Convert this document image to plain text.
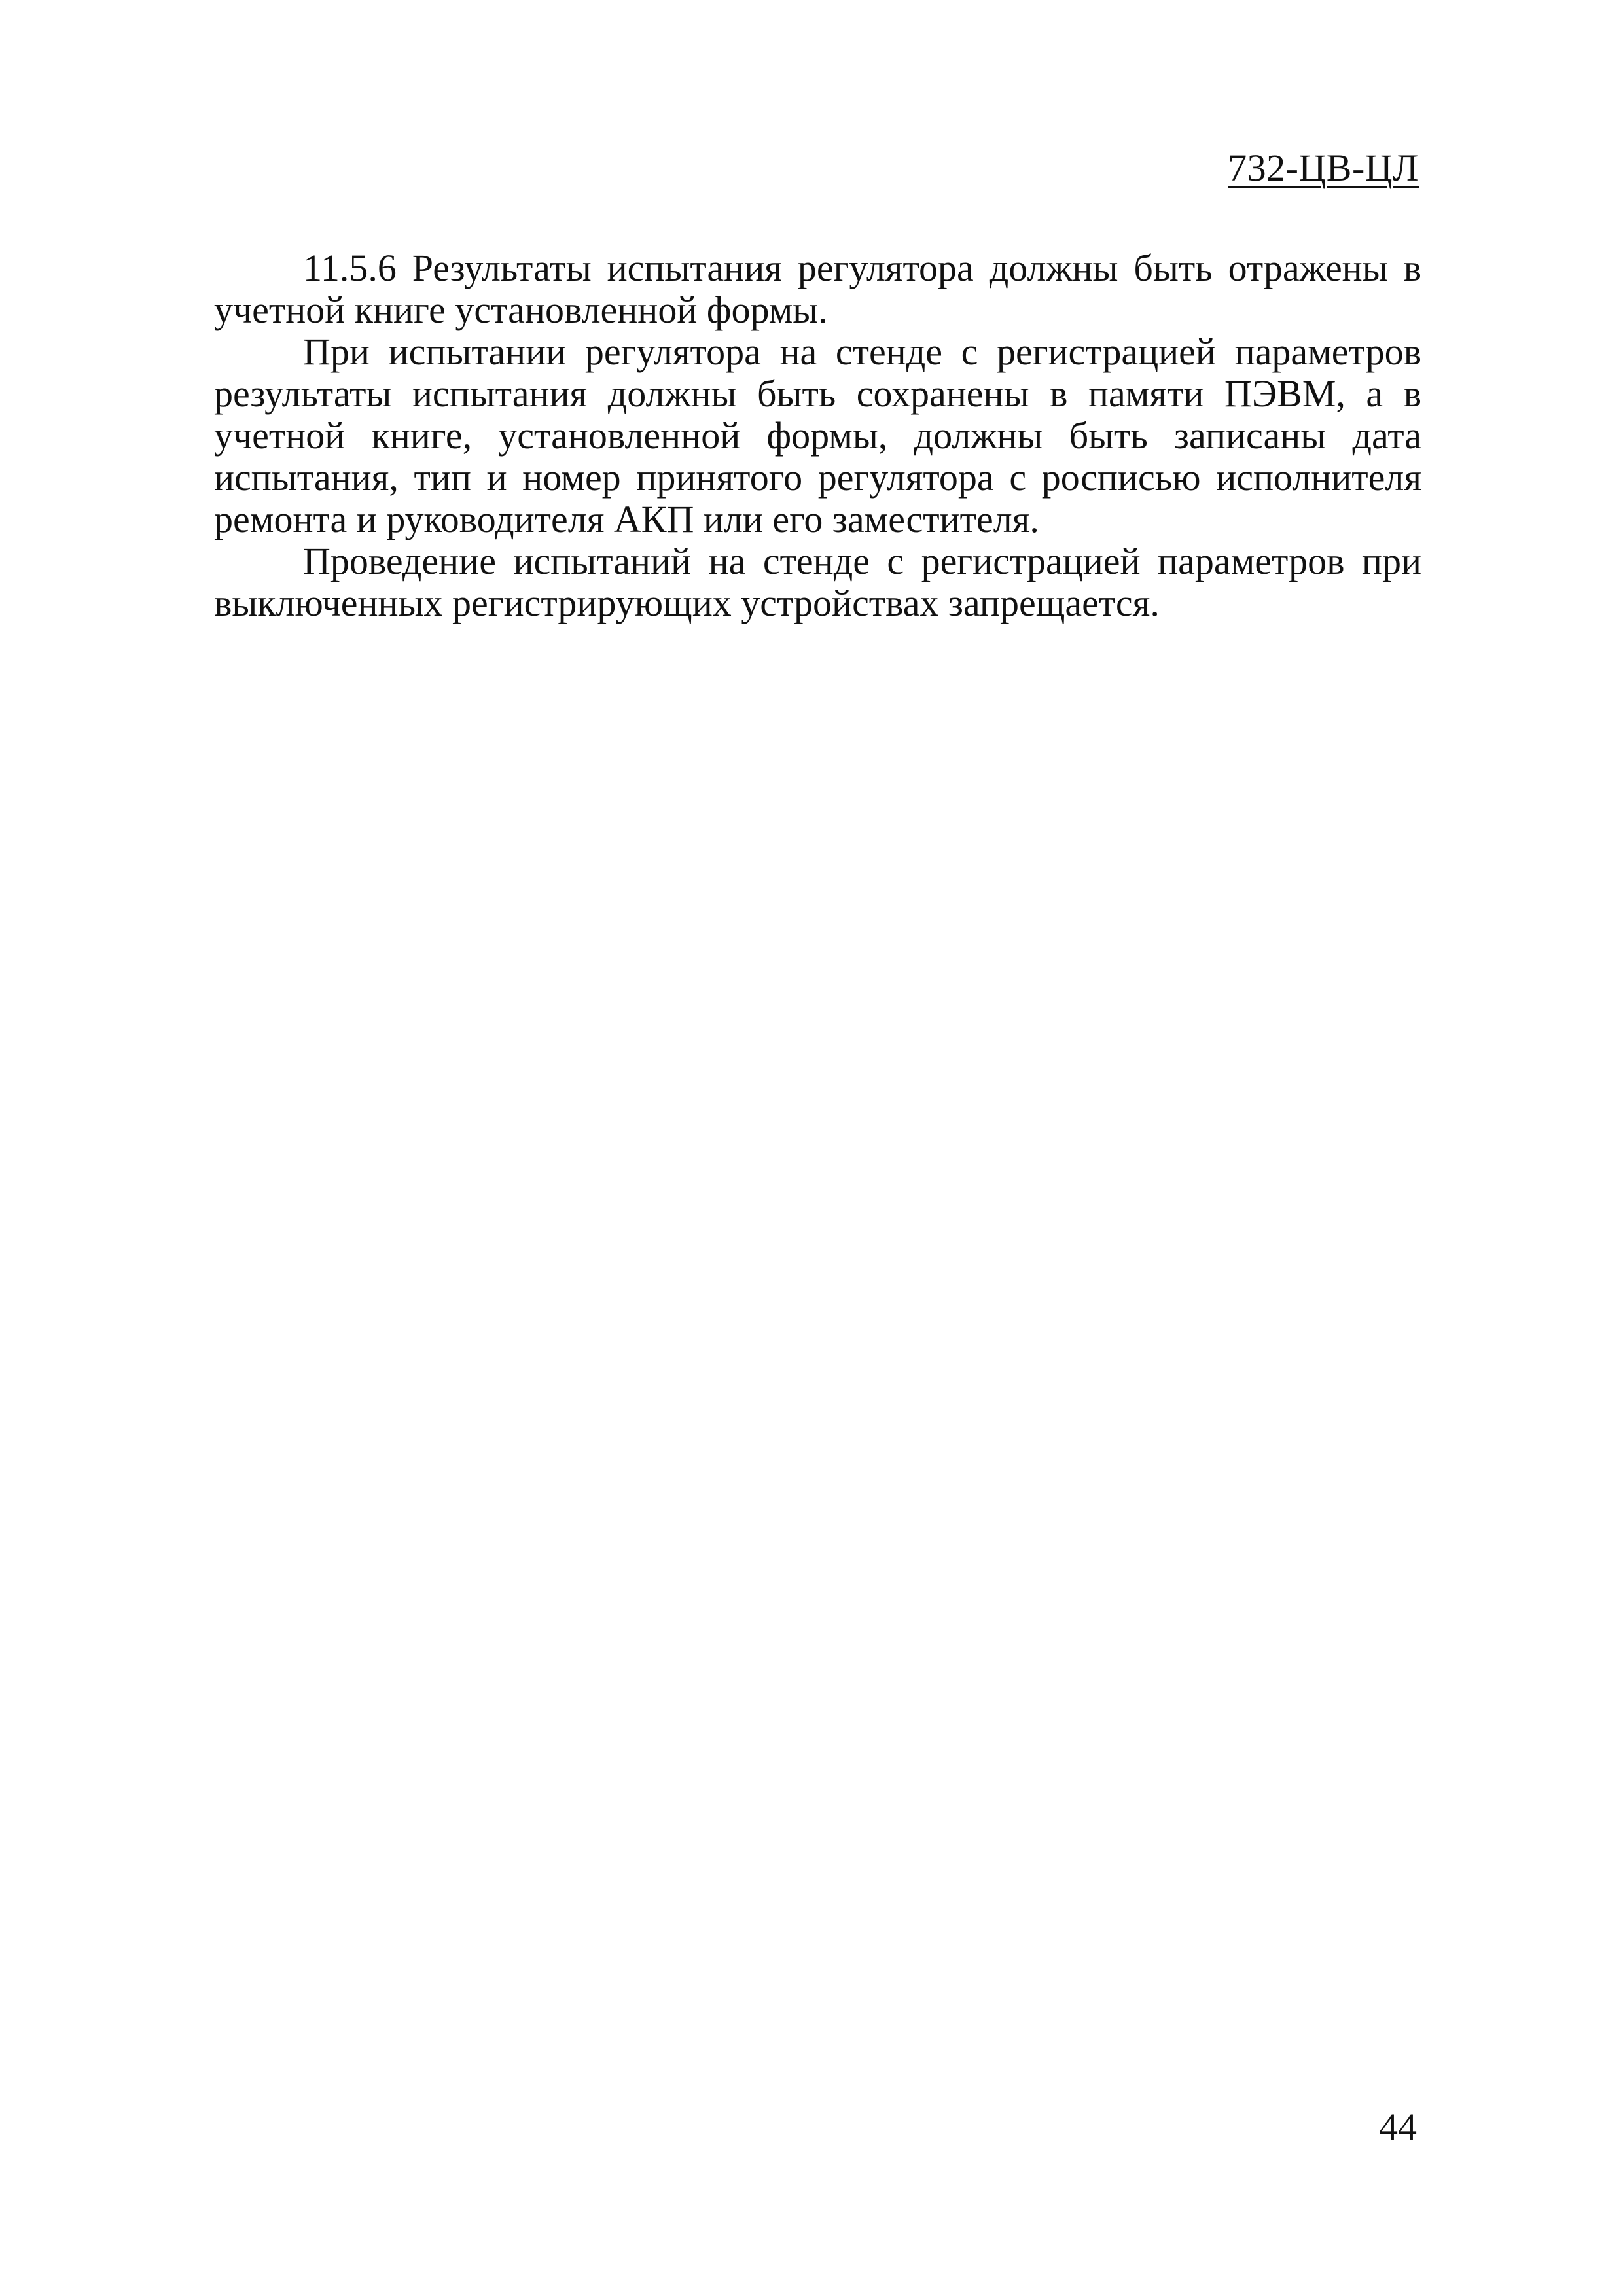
732-ЦВ-ЦЛ

11.5.6 Результаты испытания регулятора должны быть отражены в учетной книге установленной формы.

При испытании регулятора на стенде с регистрацией параметров результаты испытания должны быть сохранены в памяти ПЭВМ, а в учетной книге, установленной формы, должны быть записаны дата испытания, тип и номер принятого регулятора с росписью исполнителя ремонта и руководителя АКП или его заместителя.

Проведение испытаний на стенде с регистрацией параметров при выключенных регистрирующих устройствах запрещается.

44
